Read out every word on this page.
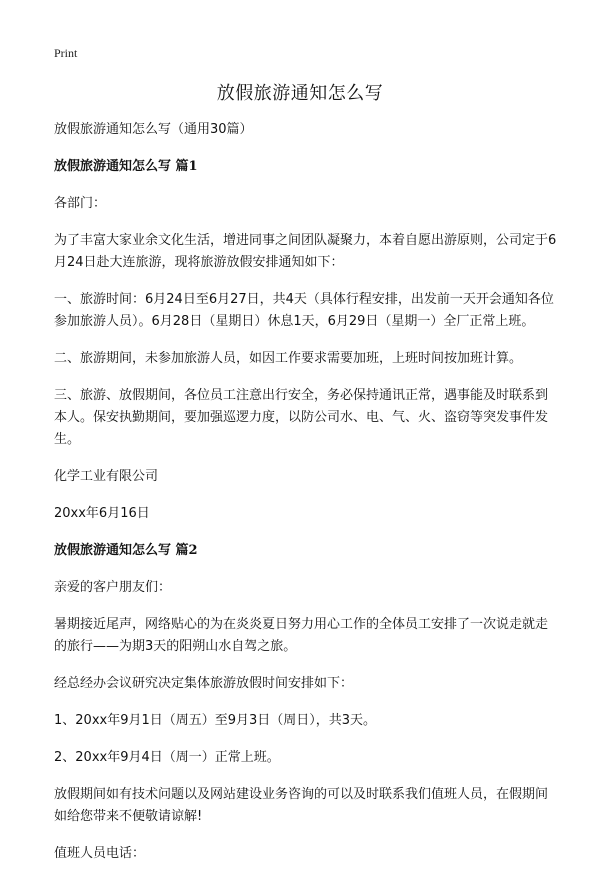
Print
放假旅游通知怎么写

放假旅游通知怎么写（通用30篇）

放假旅游通知怎么写 篇1

各部门：

为了丰富大家业余文化生活，增进同事之间团队凝聚力，本着自愿出游原则，公司定于6月24日赴大连旅游，现将旅游放假安排通知如下：

一、旅游时间：6月24日至6月27日，共4天（具体行程安排，出发前一天开会通知各位参加旅游人员）。6月28日（星期日）休息1天，6月29日（星期一）全厂正常上班。

二、旅游期间，未参加旅游人员，如因工作要求需要加班，上班时间按加班计算。

三、旅游、放假期间，各位员工注意出行安全，务必保持通讯正常，遇事能及时联系到本人。保安执勤期间，要加强巡逻力度，以防公司水、电、气、火、盗窃等突发事件发生。

化学工业有限公司

20xx年6月16日

放假旅游通知怎么写 篇2

亲爱的客户朋友们：

暑期接近尾声，网络贴心的为在炎炎夏日努力用心工作的全体员工安排了一次说走就走的旅行——为期3天的阳朔山水自驾之旅。

经总经办会议研究决定集体旅游放假时间安排如下：

1、20xx年9月1日（周五）至9月3日（周日），共3天。

2、20xx年9月4日（周一）正常上班。

放假期间如有技术问题以及网站建设业务咨询的可以及时联系我们值班人员，在假期间如给您带来不便敬请谅解!

值班人员电话：
